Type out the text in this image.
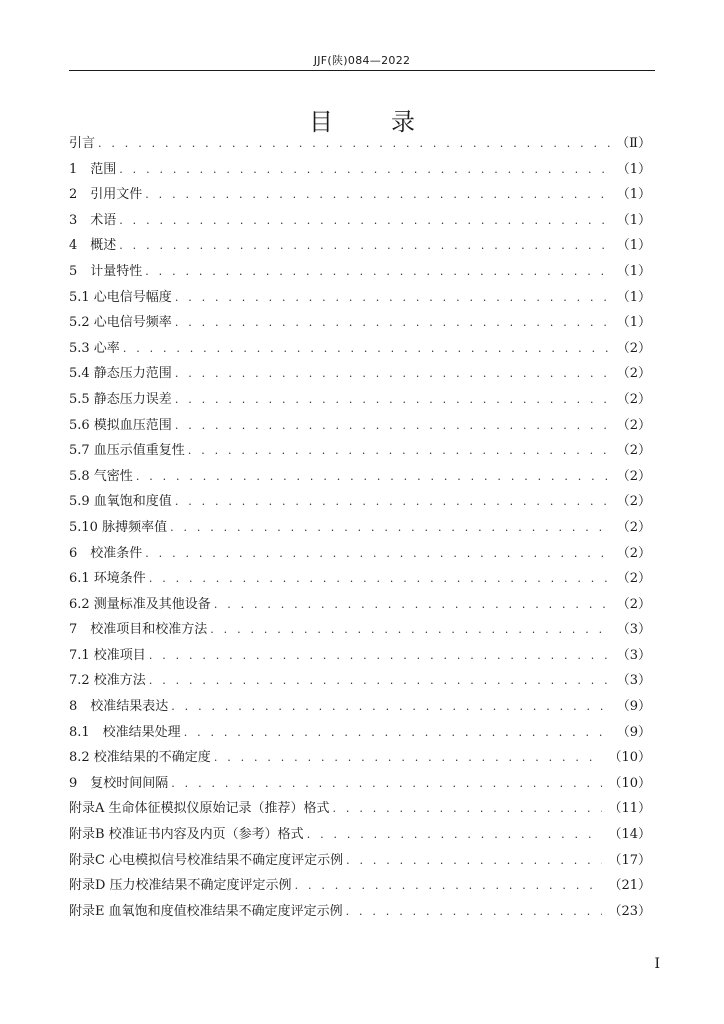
JJF(陕)084—2022
目录
引言 . . .	（Ⅱ）
1　范围 . . .	（1）
2　引用文件 . . .	（1）
3　术语 . . .	（1）
4　概述 . . .	（1）
5　计量特性 . . .	（1）
5.1 心电信号幅度 . . .	（1）
5.2 心电信号频率 . . .	（1）
5.3 心率 . . .	（2）
5.4 静态压力范围 . . .	（2）
5.5 静态压力误差 . . .	（2）
5.6 模拟血压范围 . . .	（2）
5.7 血压示值重复性 . . .	（2）
5.8 气密性 . . .	（2）
5.9 血氧饱和度值 . . .	（2）
5.10 脉搏频率值 . . .	（2）
6　校准条件 . . .	（2）
6.1 环境条件 . . .	（2）
6.2 测量标准及其他设备 . . .	（2）
7　校准项目和校准方法 . . .	（3）
7.1 校准项目 . . .	（3）
7.2 校准方法 . . .	（3）
8　校准结果表达 . . .	（9）
8.1　校准结果处理 . . .	（9）
8.2 校准结果的不确定度 . . .	（10）
9　复校时间间隔 . . .	（10）
附录A 生命体征模拟仪原始记录（推荐）格式 . . .	（11）
附录B 校准证书内容及内页（参考）格式 . . .	（14）
附录C 心电模拟信号校准结果不确定度评定示例 . . .	（17）
附录D 压力校准结果不确定度评定示例 . . .	（21）
附录E 血氧饱和度值校准结果不确定度评定示例 . . .	（23）
I
